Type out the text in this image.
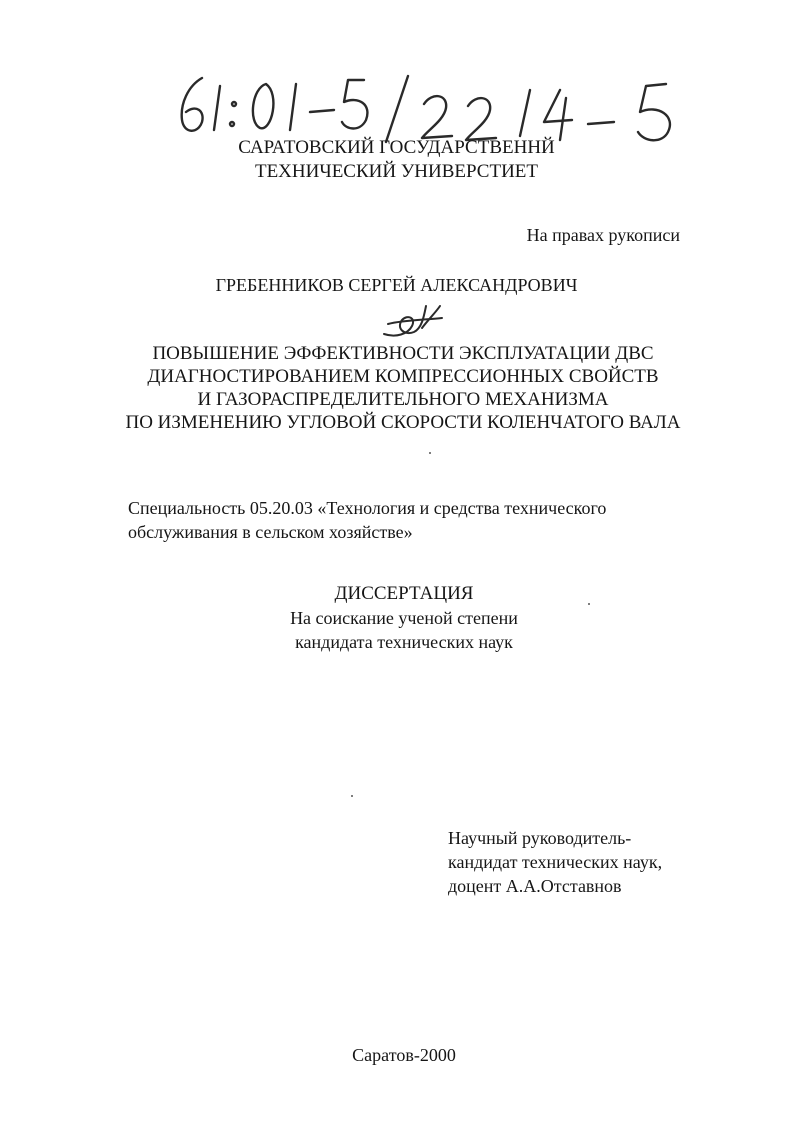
САРАТОВСКИЙ ГОСУДАРСТВЕННЙ
ТЕХНИЧЕСКИЙ УНИВЕРСТИЕТ
На правах рукописи
ГРЕБЕННИКОВ СЕРГЕЙ АЛЕКСАНДРОВИЧ
ПОВЫШЕНИЕ ЭФФЕКТИВНОСТИ ЭКСПЛУАТАЦИИ ДВС
ДИАГНОСТИРОВАНИЕМ КОМПРЕССИОННЫХ СВОЙСТВ
И ГАЗОРАСПРЕДЕЛИТЕЛЬНОГО МЕХАНИЗМА
ПО ИЗМЕНЕНИЮ УГЛОВОЙ СКОРОСТИ КОЛЕНЧАТОГО ВАЛА
Специальность 05.20.03 «Технология и средства технического
обслуживания в сельском хозяйстве»
ДИССЕРТАЦИЯ
На соискание ученой степени
кандидата технических наук
Научный руководитель-
кандидат технических наук,
доцент А.А.Отставнов
Саратов-2000
